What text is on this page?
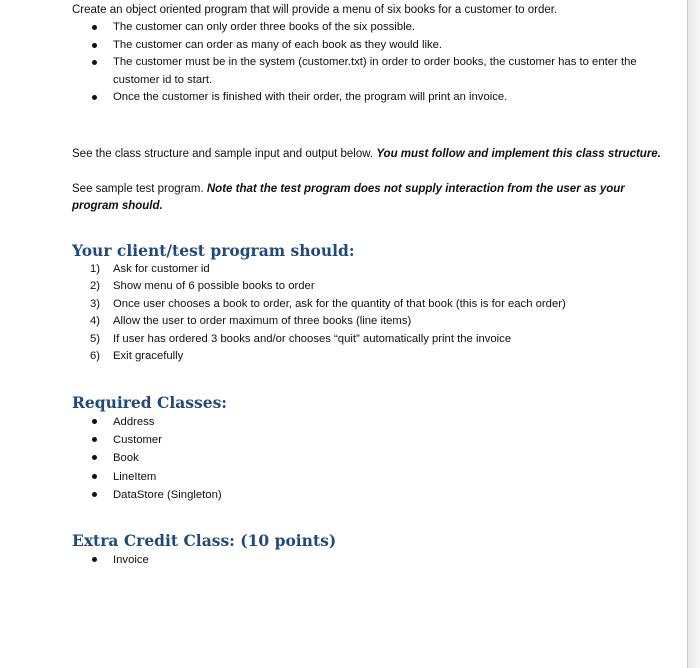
Create an object oriented program that will provide a menu of six books for a customer to order.

The customer can only order three books of the six possible.
The customer can order as many of each book as they would like.
The customer must be in the system (customer.txt) in order to order books, the customer has to enter the customer id to start.
Once the customer is finished with their order, the program will print an invoice.

See the class structure and sample input and output below. You must follow and implement this class structure.

See sample test program. Note that the test program does not supply interaction from the user as your program should.

Your client/test program should:
1) Ask for customer id
2) Show menu of 6 possible books to order
3) Once user chooses a book to order, ask for the quantity of that book (this is for each order)
4) Allow the user to order maximum of three books (line items)
5) If user has ordered 3 books and/or chooses “quit” automatically print the invoice
6) Exit gracefully
Required Classes:
Address
Customer
Book
LineItem
DataStore (Singleton)
Extra Credit Class: (10 points)
Invoice
